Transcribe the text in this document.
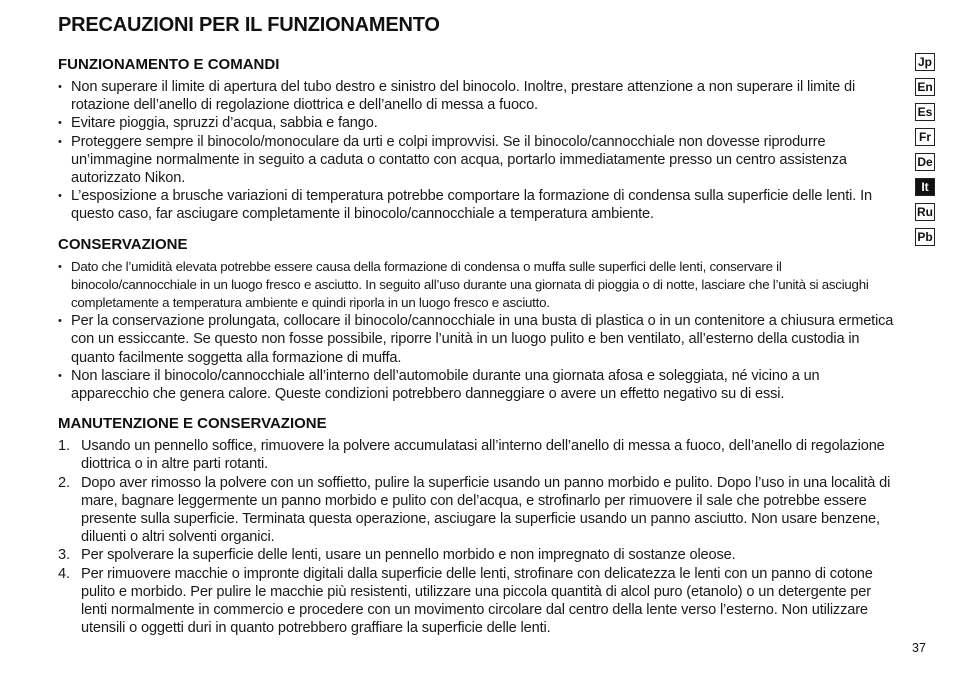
PRECAUZIONI PER IL FUNZIONAMENTO
FUNZIONAMENTO E COMANDI
• Non superare il limite di apertura del tubo destro e sinistro del binocolo. Inoltre, prestare attenzione a non superare il limite di rotazione dell’anello di regolazione diottrica e dell’anello di messa a fuoco.
• Evitare pioggia, spruzzi d’acqua, sabbia e fango.
• Proteggere sempre il binocolo/monoculare da urti e colpi improvvisi. Se il binocolo/cannocchiale non dovesse riprodurre un’immagine normalmente in seguito a caduta o contatto con acqua, portarlo immediatamente presso un centro assistenza autorizzato Nikon.
• L’esposizione a brusche variazioni di temperatura potrebbe comportare la formazione di condensa sulla superficie delle lenti. In questo caso, far asciugare completamente il binocolo/cannocchiale a temperatura ambiente.
CONSERVAZIONE
• Dato che l’umidità elevata potrebbe essere causa della formazione di condensa o muffa sulle superfici delle lenti, conservare il binocolo/cannocchiale in un luogo fresco e asciutto. In seguito all’uso durante una giornata di pioggia o di notte, lasciare che l’unità si asciughi completamente a temperatura ambiente e quindi riporla in un luogo fresco e asciutto.
• Per la conservazione prolungata, collocare il binocolo/cannocchiale in una busta di plastica o in un contenitore a chiusura ermetica con un essiccante. Se questo non fosse possibile, riporre l’unità in un luogo pulito e ben ventilato, all’esterno della custodia in quanto facilmente soggetta alla formazione di muffa.
• Non lasciare il binocolo/cannocchiale all’interno dell’automobile durante una giornata afosa e soleggiata, né vicino a un apparecchio che genera calore. Queste condizioni potrebbero danneggiare o avere un effetto negativo su di essi.
MANUTENZIONE E CONSERVAZIONE
1. Usando un pennello soffice, rimuovere la polvere accumulatasi all’interno dell’anello di messa a fuoco, dell’anello di regolazione diottrica o in altre parti rotanti.
2. Dopo aver rimosso la polvere con un soffietto, pulire la superficie usando un panno morbido e pulito. Dopo l’uso in una località di mare, bagnare leggermente un panno morbido e pulito con del’acqua, e strofinarlo per rimuovere il sale che potrebbe essere presente sulla superficie. Terminata questa operazione, asciugare la superficie usando un panno asciutto. Non usare benzene, diluenti o altri solventi organici.
3. Per spolverare la superficie delle lenti, usare un pennello morbido e non impregnato di sostanze oleose.
4. Per rimuovere macchie o impronte digitali dalla superficie delle lenti, strofinare con delicatezza le lenti con un panno di cotone pulito e morbido. Per pulire le macchie più resistenti, utilizzare una piccola quantità di alcol puro (etanolo) o un detergente per lenti normalmente in commercio e procedere con un movimento circolare dal centro della lente verso l’esterno. Non utilizzare utensili o oggetti duri in quanto potrebbero graffiare la superficie delle lenti.
Jp
En
Es
Fr
De
It
Ru
Pb
37
